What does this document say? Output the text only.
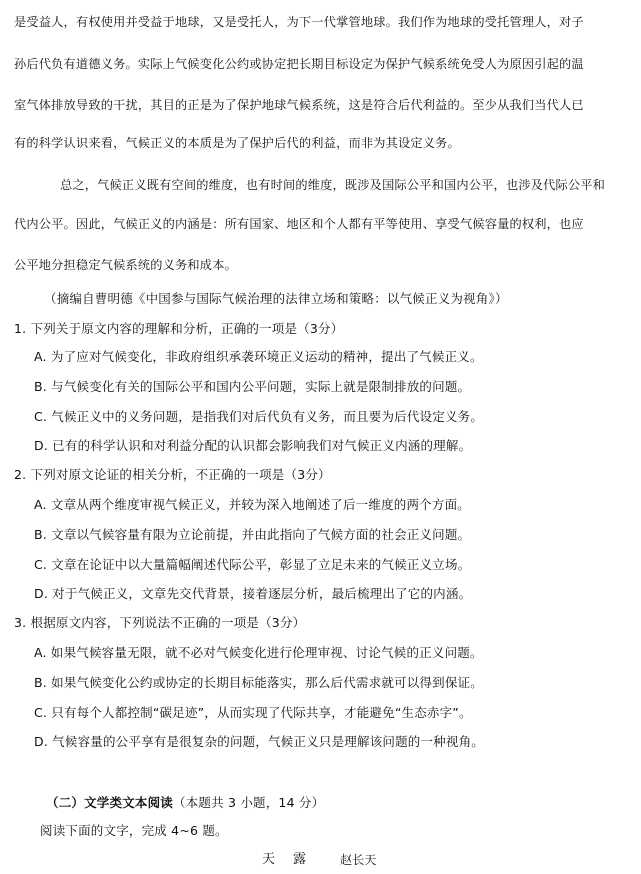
是受益人，有权使用并受益于地球，又是受托人，为下一代掌管地球。我们作为地球的受托管理人，对子
孙后代负有道德义务。实际上气候变化公约或协定把长期目标设定为保护气候系统免受人为原因引起的温
室气体排放导致的干扰，其目的正是为了保护地球气候系统，这是符合后代利益的。至少从我们当代人已
有的科学认识来看，气候正义的本质是为了保护后代的利益，而非为其设定义务。
总之，气候正义既有空间的维度，也有时间的维度，既涉及国际公平和国内公平，也涉及代际公平和
代内公平。因此，气候正义的内涵是：所有国家、地区和个人都有平等使用、享受气候容量的权利，也应
公平地分担稳定气候系统的义务和成本。
（摘编自曹明德《中国参与国际气候治理的法律立场和策略：以气候正义为视角》）
1. 下列关于原文内容的理解和分析，正确的一项是（3分）
A. 为了应对气候变化，非政府组织承袭环境正义运动的精神，提出了气候正义。
B. 与气候变化有关的国际公平和国内公平问题，实际上就是限制排放的问题。
C. 气候正义中的义务问题，是指我们对后代负有义务，而且要为后代设定义务。
D. 已有的科学认识和对利益分配的认识都会影响我们对气候正义内涵的理解。
2. 下列对原文论证的相关分析，不正确的一项是（3分）
A. 文章从两个维度审视气候正义，并较为深入地阐述了后一维度的两个方面。
B. 文章以气候容量有限为立论前提，并由此指向了气候方面的社会正义问题。
C. 文章在论证中以大量篇幅阐述代际公平，彰显了立足未来的气候正义立场。
D. 对于气候正义，文章先交代背景，接着逐层分析，最后梳理出了它的内涵。
3. 根据原文内容，下列说法不正确的一项是（3分）
A. 如果气候容量无限，就不必对气候变化进行伦理审视、讨论气候的正义问题。
B. 如果气候变化公约或协定的长期目标能落实，那么后代需求就可以得到保证。
C. 只有每个人都控制“碳足迹”，从而实现了代际共享，才能避免“生态赤字”。
D. 气候容量的公平享有是很复杂的问题，气候正义只是理解该问题的一种视角。
（二）文学类文本阅读（本题共 3 小题，14 分）
阅读下面的文字，完成 4~6 题。
天露 赵长天
